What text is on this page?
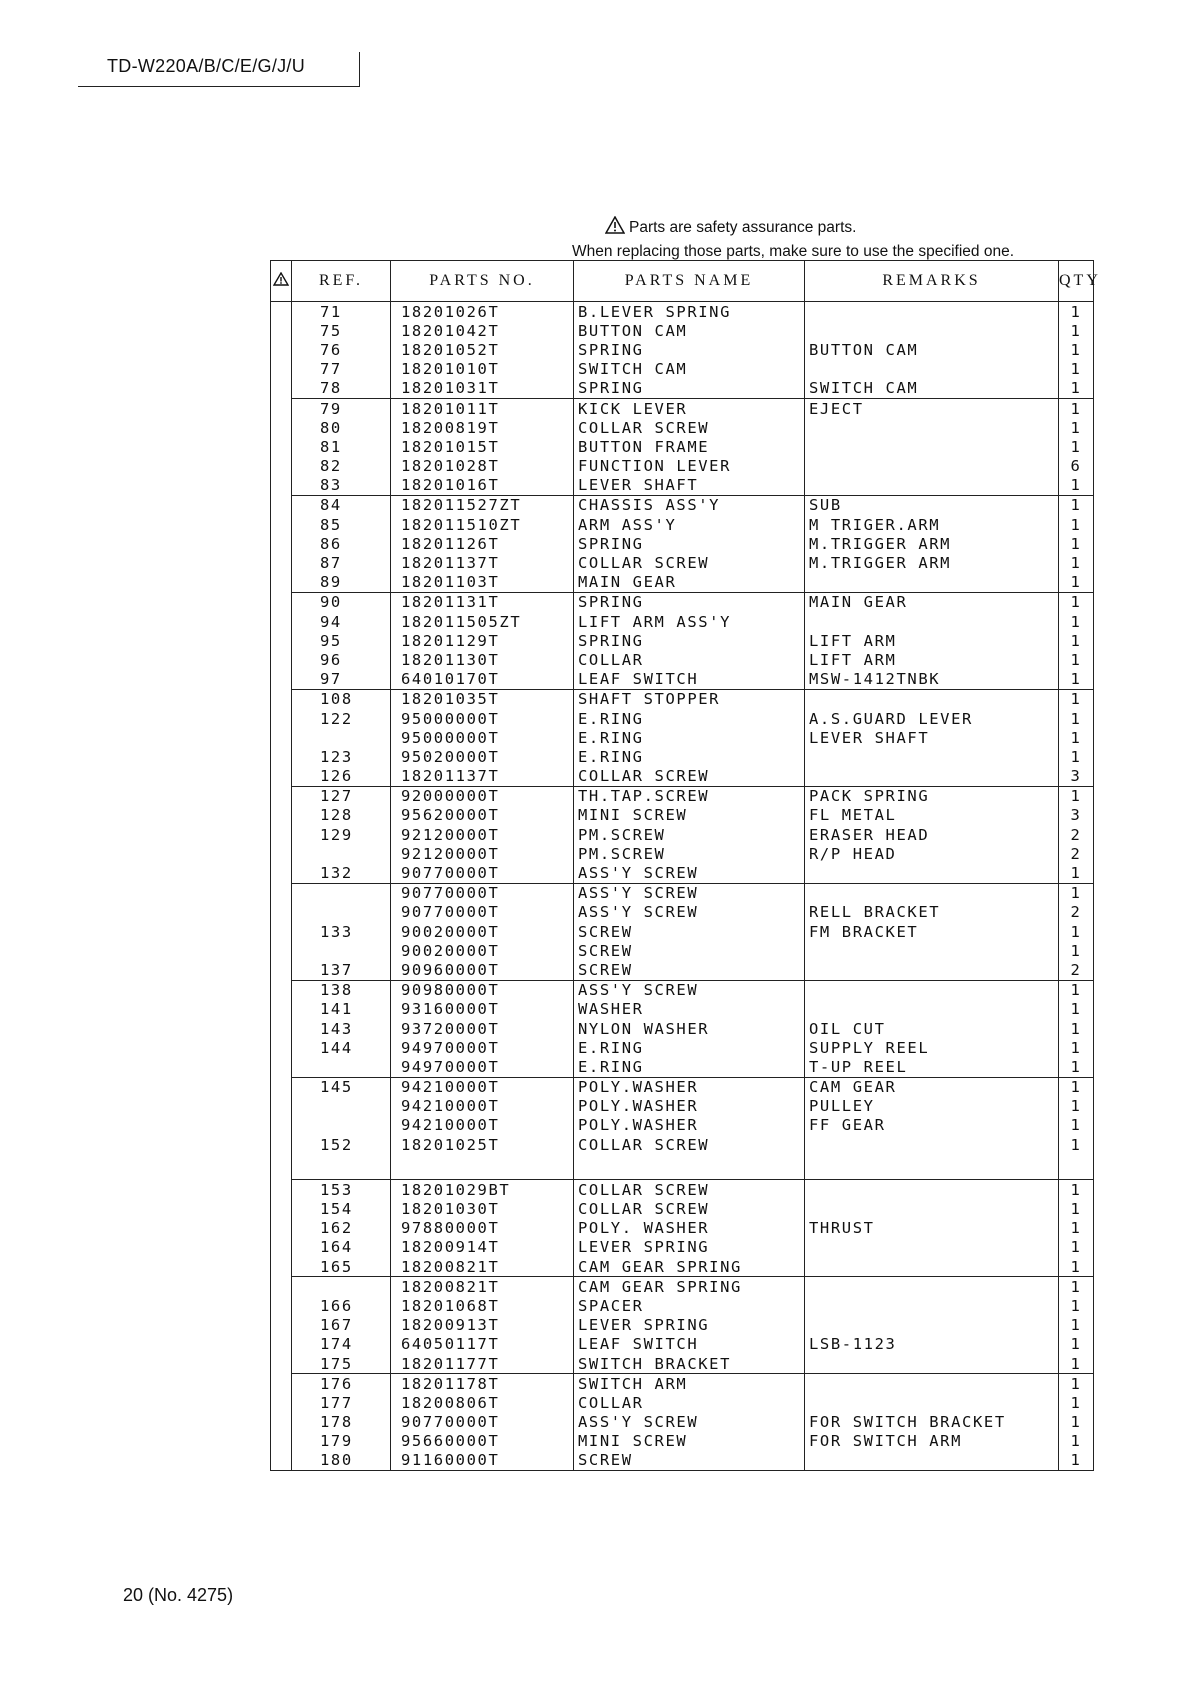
TD-W220A/B/C/E/G/J/U
Parts are safety assurance parts.
When replacing those parts, make sure to use the specified one.
	REF.	PARTS NO.	PARTS NAME	REMARKS	QTY
	71	18201026T	B.LEVER SPRING		1
	75	18201042T	BUTTON CAM		1
	76	18201052T	SPRING	BUTTON CAM	1
	77	18201010T	SWITCH CAM		1
	78	18201031T	SPRING	SWITCH CAM	1
	79	18201011T	KICK LEVER	EJECT	1
	80	18200819T	COLLAR SCREW		1
	81	18201015T	BUTTON FRAME		1
	82	18201028T	FUNCTION LEVER		6
	83	18201016T	LEVER SHAFT		1
	84	182011527ZT	CHASSIS ASS'Y	SUB	1
	85	182011510ZT	ARM ASS'Y	M TRIGER.ARM	1
	86	18201126T	SPRING	M.TRIGGER ARM	1
	87	18201137T	COLLAR SCREW	M.TRIGGER ARM	1
	89	18201103T	MAIN GEAR		1
	90	18201131T	SPRING	MAIN GEAR	1
	94	182011505ZT	LIFT ARM ASS'Y		1
	95	18201129T	SPRING	LIFT ARM	1
	96	18201130T	COLLAR	LIFT ARM	1
	97	64010170T	LEAF SWITCH	MSW-1412TNBK	1
	108	18201035T	SHAFT STOPPER		1
	122	95000000T	E.RING	A.S.GUARD LEVER	1
		95000000T	E.RING	LEVER SHAFT	1
	123	95020000T	E.RING		1
	126	18201137T	COLLAR SCREW		3
	127	92000000T	TH.TAP.SCREW	PACK SPRING	1
	128	95620000T	MINI SCREW	FL METAL	3
	129	92120000T	PM.SCREW	ERASER HEAD	2
		92120000T	PM.SCREW	R/P HEAD	2
	132	90770000T	ASS'Y SCREW		1
		90770000T	ASS'Y SCREW		1
		90770000T	ASS'Y SCREW	RELL BRACKET	2
	133	90020000T	SCREW	FM BRACKET	1
		90020000T	SCREW		1
	137	90960000T	SCREW		2
	138	90980000T	ASS'Y SCREW		1
	141	93160000T	WASHER		1
	143	93720000T	NYLON WASHER	OIL CUT	1
	144	94970000T	E.RING	SUPPLY REEL	1
		94970000T	E.RING	T-UP REEL	1
	145	94210000T	POLY.WASHER	CAM GEAR	1
		94210000T	POLY.WASHER	PULLEY	1
		94210000T	POLY.WASHER	FF GEAR	1
	152	18201025T	COLLAR SCREW		1

	153	18201029BT	COLLAR SCREW		1
	154	18201030T	COLLAR SCREW		1
	162	97880000T	POLY. WASHER	THRUST	1
	164	18200914T	LEVER SPRING		1
	165	18200821T	CAM GEAR SPRING		1
		18200821T	CAM GEAR SPRING		1
	166	18201068T	SPACER		1
	167	18200913T	LEVER SPRING		1
	174	64050117T	LEAF SWITCH	LSB-1123	1
	175	18201177T	SWITCH BRACKET		1
	176	18201178T	SWITCH ARM		1
	177	18200806T	COLLAR		1
	178	90770000T	ASS'Y SCREW	FOR SWITCH BRACKET	1
	179	95660000T	MINI SCREW	FOR SWITCH ARM	1
	180	91160000T	SCREW		1
20 (No. 4275)
